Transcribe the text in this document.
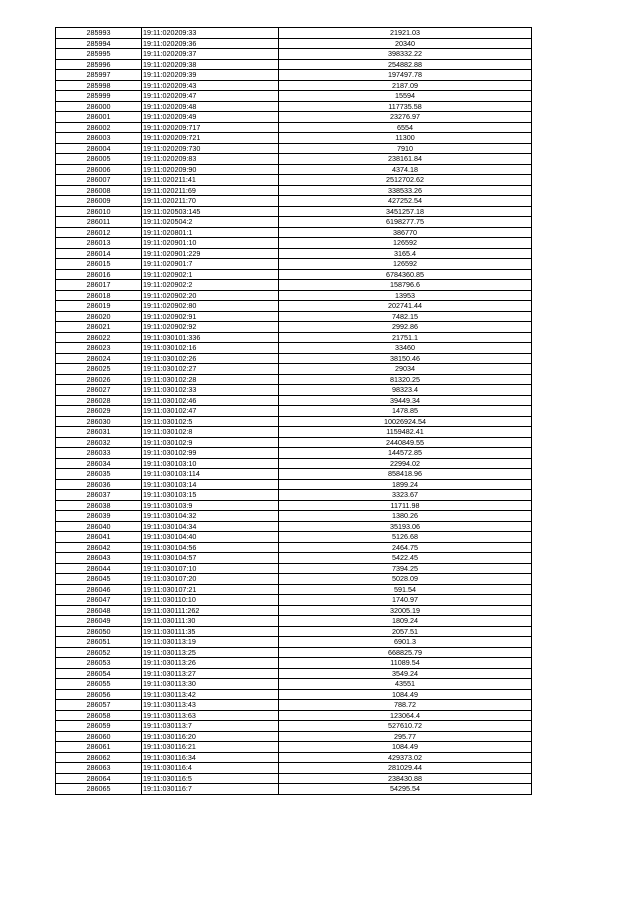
285993	19:11:020209:33	21921.03
285994	19:11:020209:36	20340
285995	19:11:020209:37	398332.22
285996	19:11:020209:38	254882.88
285997	19:11:020209:39	197497.78
285998	19:11:020209:43	2187.09
285999	19:11:020209:47	15594
286000	19:11:020209:48	117735.58
286001	19:11:020209:49	23276.97
286002	19:11:020209:717	6554
286003	19:11:020209:721	11300
286004	19:11:020209:730	7910
286005	19:11:020209:83	238161.84
286006	19:11:020209:90	4374.18
286007	19:11:020211:41	2512702.62
286008	19:11:020211:69	338533.26
286009	19:11:020211:70	427252.54
286010	19:11:020503:145	3451257.18
286011	19:11:020504:2	6198277.75
286012	19:11:020801:1	386770
286013	19:11:020901:10	126592
286014	19:11:020901:229	3165.4
286015	19:11:020901:7	126592
286016	19:11:020902:1	6784360.85
286017	19:11:020902:2	158796.6
286018	19:11:020902:20	13953
286019	19:11:020902:80	202741.44
286020	19:11:020902:91	7482.15
286021	19:11:020902:92	2992.86
286022	19:11:030101:336	21751.1
286023	19:11:030102:16	33460
286024	19:11:030102:26	38150.46
286025	19:11:030102:27	29034
286026	19:11:030102:28	81320.25
286027	19:11:030102:33	98323.4
286028	19:11:030102:46	39449.34
286029	19:11:030102:47	1478.85
286030	19:11:030102:5	10026924.54
286031	19:11:030102:8	1159482.41
286032	19:11:030102:9	2440849.55
286033	19:11:030102:99	144572.85
286034	19:11:030103:10	22994.02
286035	19:11:030103:114	858418.96
286036	19:11:030103:14	1899.24
286037	19:11:030103:15	3323.67
286038	19:11:030103:9	11711.98
286039	19:11:030104:32	1380.26
286040	19:11:030104:34	35193.06
286041	19:11:030104:40	5126.68
286042	19:11:030104:56	2464.75
286043	19:11:030104:57	5422.45
286044	19:11:030107:10	7394.25
286045	19:11:030107:20	5028.09
286046	19:11:030107:21	591.54
286047	19:11:030110:10	1740.97
286048	19:11:030111:262	32005.19
286049	19:11:030111:30	1809.24
286050	19:11:030111:35	2057.51
286051	19:11:030113:19	6901.3
286052	19:11:030113:25	668825.79
286053	19:11:030113:26	11089.54
286054	19:11:030113:27	3549.24
286055	19:11:030113:30	43551
286056	19:11:030113:42	1084.49
286057	19:11:030113:43	788.72
286058	19:11:030113:63	123064.4
286059	19:11:030113:7	527610.72
286060	19:11:030116:20	295.77
286061	19:11:030116:21	1084.49
286062	19:11:030116:34	429373.02
286063	19:11:030116:4	281029.44
286064	19:11:030116:5	238430.88
286065	19:11:030116:7	54295.54
